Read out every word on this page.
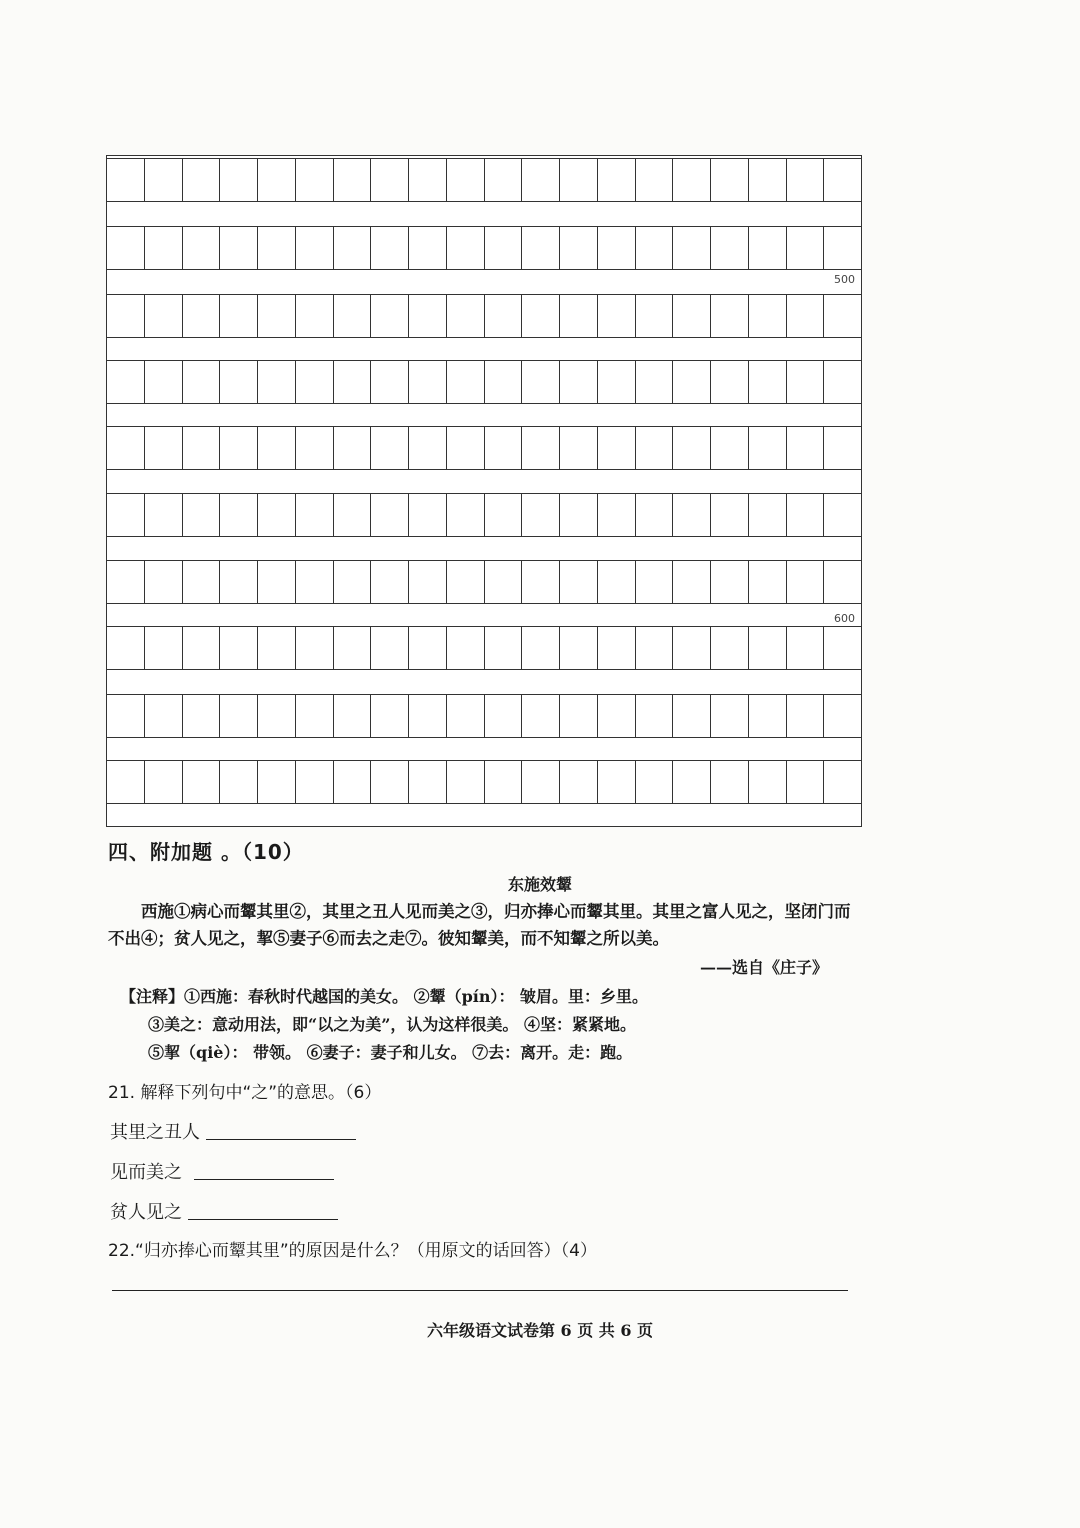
500
600
四、附加题 。（10）
东施效颦
西施①病心而颦其里②，其里之丑人见而美之③，归亦捧心而颦其里。其里之富人见之，坚闭门而不出④；贫人见之，挈⑤妻子⑥而去之走⑦。彼知颦美，而不知颦之所以美。
——选自《庄子》
【注释】①西施：春秋时代越国的美女。 ②颦（pín）： 皱眉。里：乡里。
③美之：意动用法，即“以之为美”，认为这样很美。 ④坚：紧紧地。
⑤挈（qiè）： 带领。 ⑥妻子：妻子和儿女。 ⑦去：离开。走：跑。
21. 解释下列句中“之”的意思。（6）
其里之丑人
见而美之
贫人见之
22.“归亦捧心而颦其里”的原因是什么？（用原文的话回答）（4）
六年级语文试卷第 6 页 共 6 页
